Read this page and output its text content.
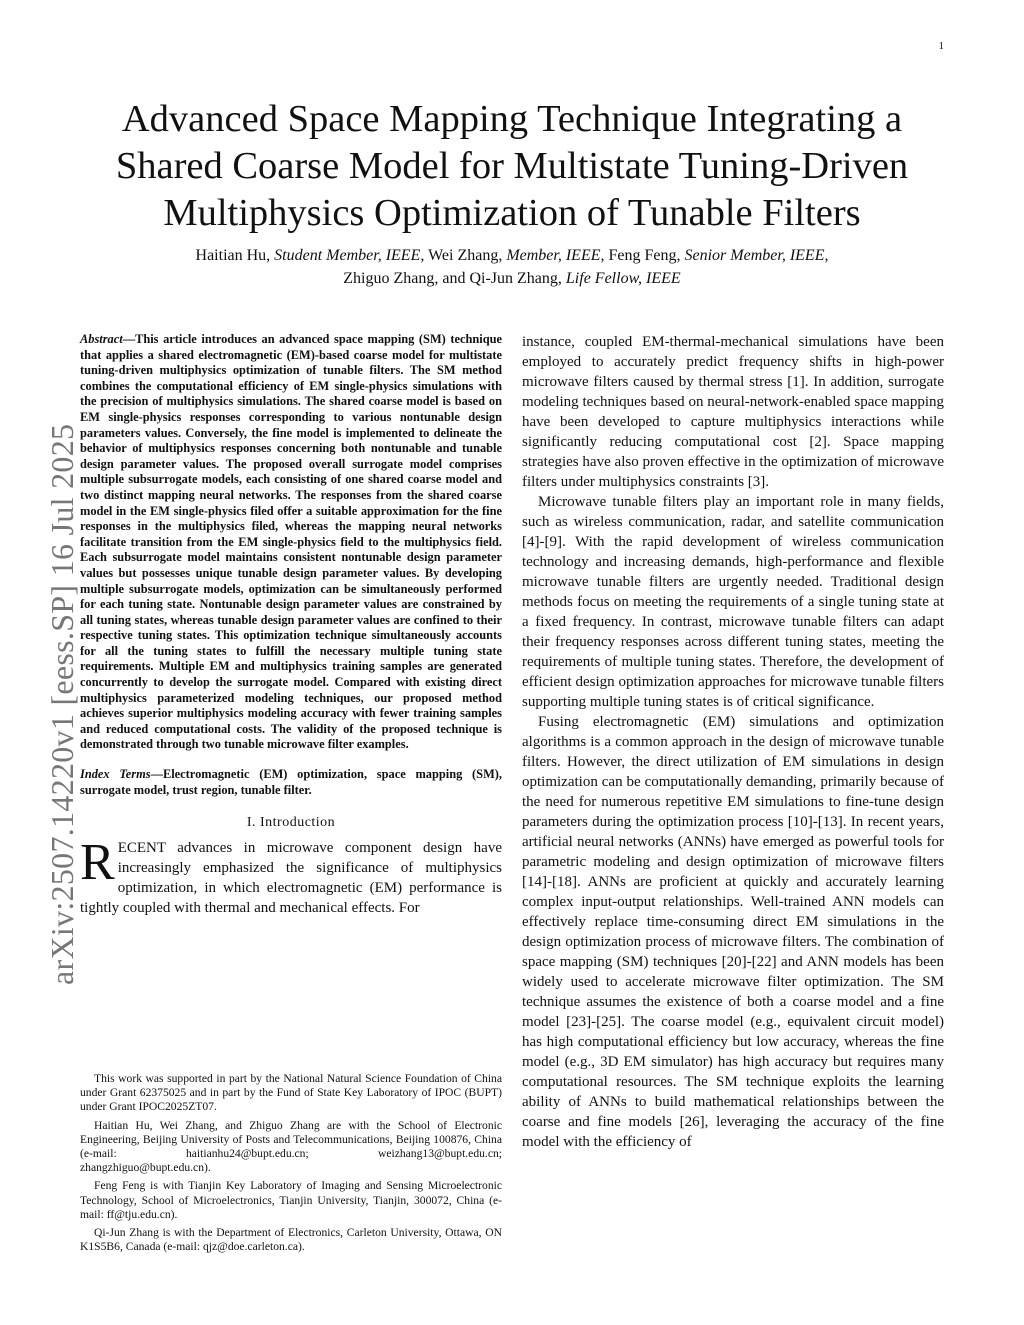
1
arXiv:2507.14220v1 [eess.SP] 16 Jul 2025
Advanced Space Mapping Technique Integrating a
Shared Coarse Model for Multistate Tuning-Driven
Multiphysics Optimization of Tunable Filters
Haitian Hu, Student Member, IEEE, Wei Zhang, Member, IEEE, Feng Feng, Senior Member, IEEE,
Zhiguo Zhang, and Qi-Jun Zhang, Life Fellow, IEEE

Abstract—This article introduces an advanced space mapping (SM) technique that applies a shared electromagnetic (EM)-based coarse model for multistate tuning-driven multiphysics optimization of tunable filters. The SM method combines the computational efficiency of EM single-physics simulations with the precision of multiphysics simulations. The shared coarse model is based on EM single-physics responses corresponding to various nontunable design parameters values. Conversely, the fine model is implemented to delineate the behavior of multiphysics responses concerning both nontunable and tunable design parameter values. The proposed overall surrogate model comprises multiple subsurrogate models, each consisting of one shared coarse model and two distinct mapping neural networks. The responses from the shared coarse model in the EM single-physics filed offer a suitable approximation for the fine responses in the multiphysics filed, whereas the mapping neural networks facilitate transition from the EM single-physics field to the multiphysics field. Each subsurrogate model maintains consistent nontunable design parameter values but possesses unique tunable design parameter values. By developing multiple subsurrogate models, optimization can be simultaneously performed for each tuning state. Nontunable design parameter values are constrained by all tuning states, whereas tunable design parameter values are confined to their respective tuning states. This optimization technique simultaneously accounts for all the tuning states to fulfill the necessary multiple tuning state requirements. Multiple EM and multiphysics training samples are generated concurrently to develop the surrogate model. Compared with existing direct multiphysics parameterized modeling techniques, our proposed method achieves superior multiphysics modeling accuracy with fewer training samples and reduced computational costs. The validity of the proposed technique is demonstrated through two tunable microwave filter examples.

Index Terms—Electromagnetic (EM) optimization, space mapping (SM), surrogate model, trust region, tunable filter.
I. Introduction

RECENT advances in microwave component design have increasingly emphasized the significance of multiphysics optimization, in which electromagnetic (EM) performance is tightly coupled with thermal and mechanical effects. For

This work was supported in part by the National Natural Science Foundation of China under Grant 62375025 and in part by the Fund of State Key Laboratory of IPOC (BUPT) under Grant IPOC2025ZT07.

Haitian Hu, Wei Zhang, and Zhiguo Zhang are with the School of Electronic Engineering, Beijing University of Posts and Telecommunications, Beijing 100876, China (e-mail: haitianhu24@bupt.edu.cn; weizhang13@bupt.edu.cn; zhangzhiguo@bupt.edu.cn).

Feng Feng is with Tianjin Key Laboratory of Imaging and Sensing Microelectronic Technology, School of Microelectronics, Tianjin University, Tianjin, 300072, China (e-mail: ff@tju.edu.cn).

Qi-Jun Zhang is with the Department of Electronics, Carleton University, Ottawa, ON K1S5B6, Canada (e-mail: qjz@doe.carleton.ca).

instance, coupled EM-thermal-mechanical simulations have been employed to accurately predict frequency shifts in high-power microwave filters caused by thermal stress [1]. In addition, surrogate modeling techniques based on neural-network-enabled space mapping have been developed to capture multiphysics interactions while significantly reducing computational cost [2]. Space mapping strategies have also proven effective in the optimization of microwave filters under multiphysics constraints [3].

Microwave tunable filters play an important role in many fields, such as wireless communication, radar, and satellite communication [4]-[9]. With the rapid development of wireless communication technology and increasing demands, high-performance and flexible microwave tunable filters are urgently needed. Traditional design methods focus on meeting the requirements of a single tuning state at a fixed frequency. In contrast, microwave tunable filters can adapt their frequency responses across different tuning states, meeting the requirements of multiple tuning states. Therefore, the development of efficient design optimization approaches for microwave tunable filters supporting multiple tuning states is of critical significance.

Fusing electromagnetic (EM) simulations and optimization algorithms is a common approach in the design of microwave tunable filters. However, the direct utilization of EM simulations in design optimization can be computationally demanding, primarily because of the need for numerous repetitive EM simulations to fine-tune design parameters during the optimization process [10]-[13]. In recent years, artificial neural networks (ANNs) have emerged as powerful tools for parametric modeling and design optimization of microwave filters [14]-[18]. ANNs are proficient at quickly and accurately learning complex input-output relationships. Well-trained ANN models can effectively replace time-consuming direct EM simulations in the design optimization process of microwave filters. The combination of space mapping (SM) techniques [20]-[22] and ANN models has been widely used to accelerate microwave filter optimization. The SM technique assumes the existence of both a coarse model and a fine model [23]-[25]. The coarse model (e.g., equivalent circuit model) has high computational efficiency but low accuracy, whereas the fine model (e.g., 3D EM simulator) has high accuracy but requires many computational resources. The SM technique exploits the learning ability of ANNs to build mathematical relationships between the coarse and fine models [26], leveraging the accuracy of the fine model with the efficiency of
